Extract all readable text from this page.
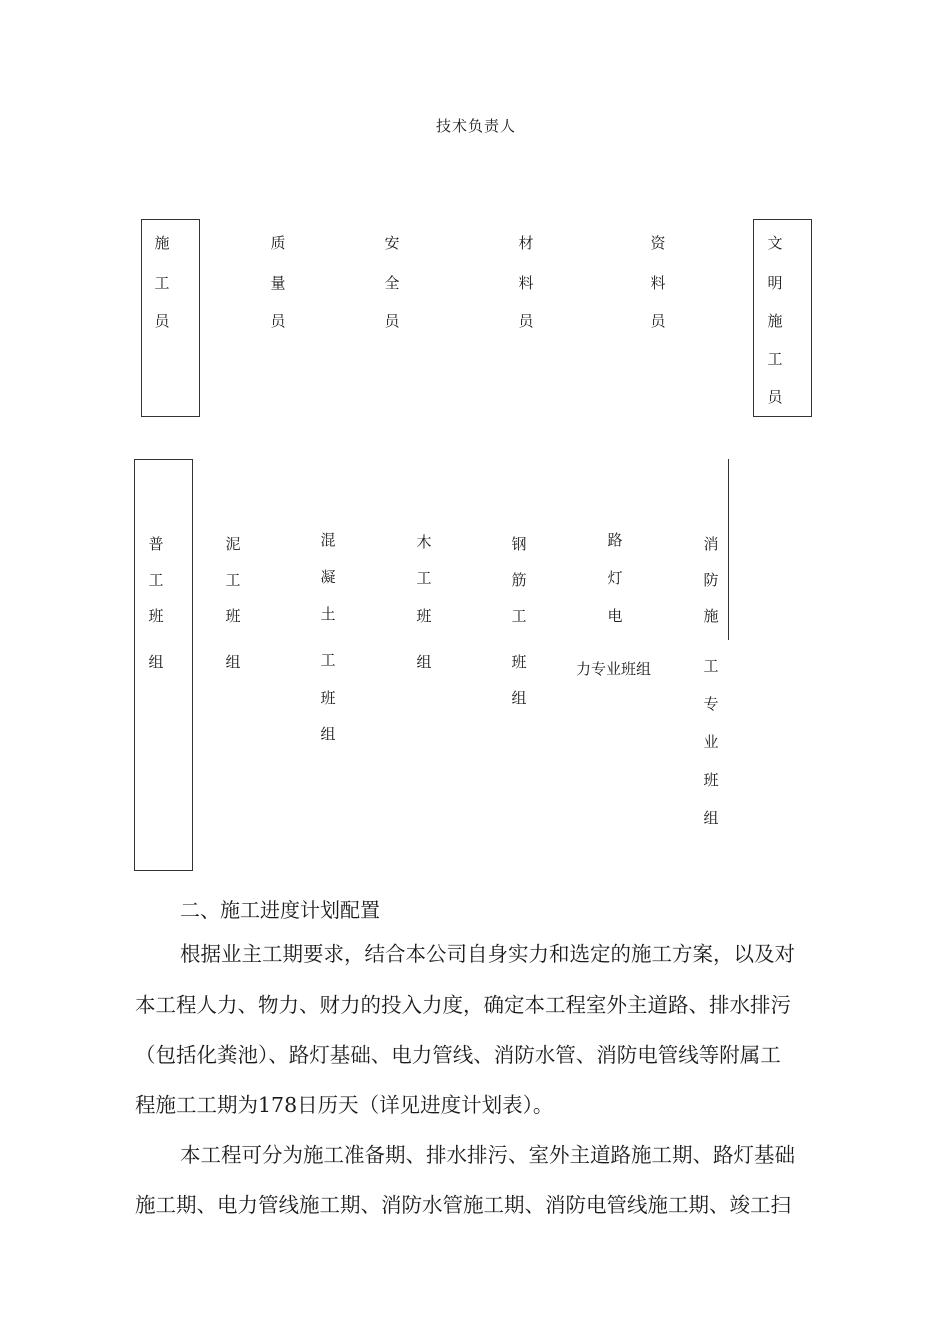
技术负责人
施
工
员
质
量
员
安
全
员
材
料
员
资
料
员
文
明
施
工
员
普
工
班
组
泥
工
班
组
混
凝
土
工
班
组
木
工
班
组
钢
筋
工
班
组
路
灯
电
力专业班组
消
防
施
工
专
业
班
组
二、施工进度计划配置
根据业主工期要求，结合本公司自身实力和选定的施工方案，以及对
本工程人力、物力、财力的投入力度，确定本工程室外主道路、排水排污
（包括化粪池）、路灯基础、电力管线、消防水管、消防电管线等附属工
程施工工期为178日历天（详见进度计划表）。
本工程可分为施工准备期、排水排污、室外主道路施工期、路灯基础
施工期、电力管线施工期、消防水管施工期、消防电管线施工期、竣工扫
